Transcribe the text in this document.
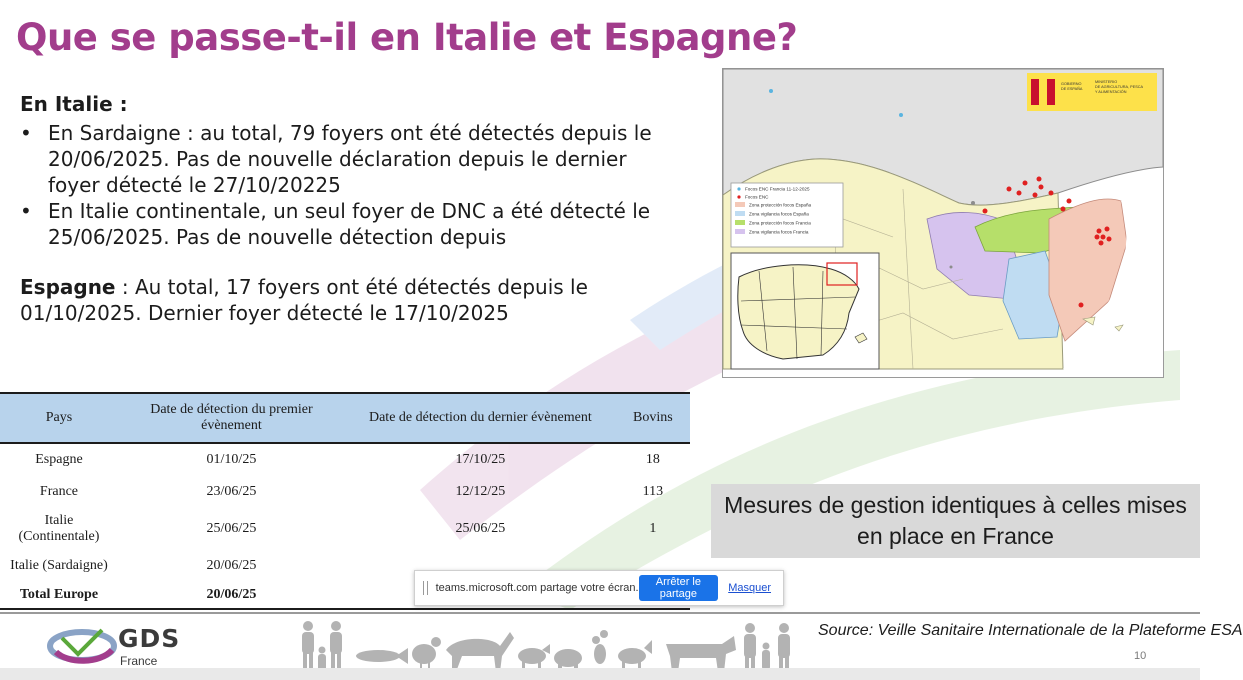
Que se passe-t-il en Italie et Espagne?
En Italie :
• En Sardaigne : au total, 79 foyers ont été détectés depuis le 20/06/2025. Pas de nouvelle déclaration depuis le dernier foyer détecté le 27/10/20225
• En Italie continentale, un seul foyer de DNC a été détecté le 25/06/2025. Pas de nouvelle détection depuis
Espagne : Au total, 17 foyers ont été détectés depuis le 01/10/2025. Dernier foyer détecté le 17/10/2025
Focos ENC Francia 11-12-2025
Focos ENC
Zona protección focos España
Zona vigilancia focos España
Zona protección focos Francia
Zona vigilancia focos Francia
GOBIERNO
DE ESPAÑA
MINISTERIO
DE AGRICULTURA, PESCA
Y ALIMENTACIÓN
Pays	Date de détection du premier évènement	Date de détection du dernier évènement	Bovins
Espagne	01/10/25	17/10/25	18
France	23/06/25	12/12/25	113
Italie (Continentale)	25/06/25	25/06/25	1
Italie (Sardaigne)	20/06/25		
Total Europe	20/06/25		
Mesures de gestion identiques à celles mises en place en France
teams.microsoft.com partage votre écran.	Arrêter le partage	Masquer
GDS
France
Source: Veille Sanitaire Internationale de la Plateforme ESA
10
